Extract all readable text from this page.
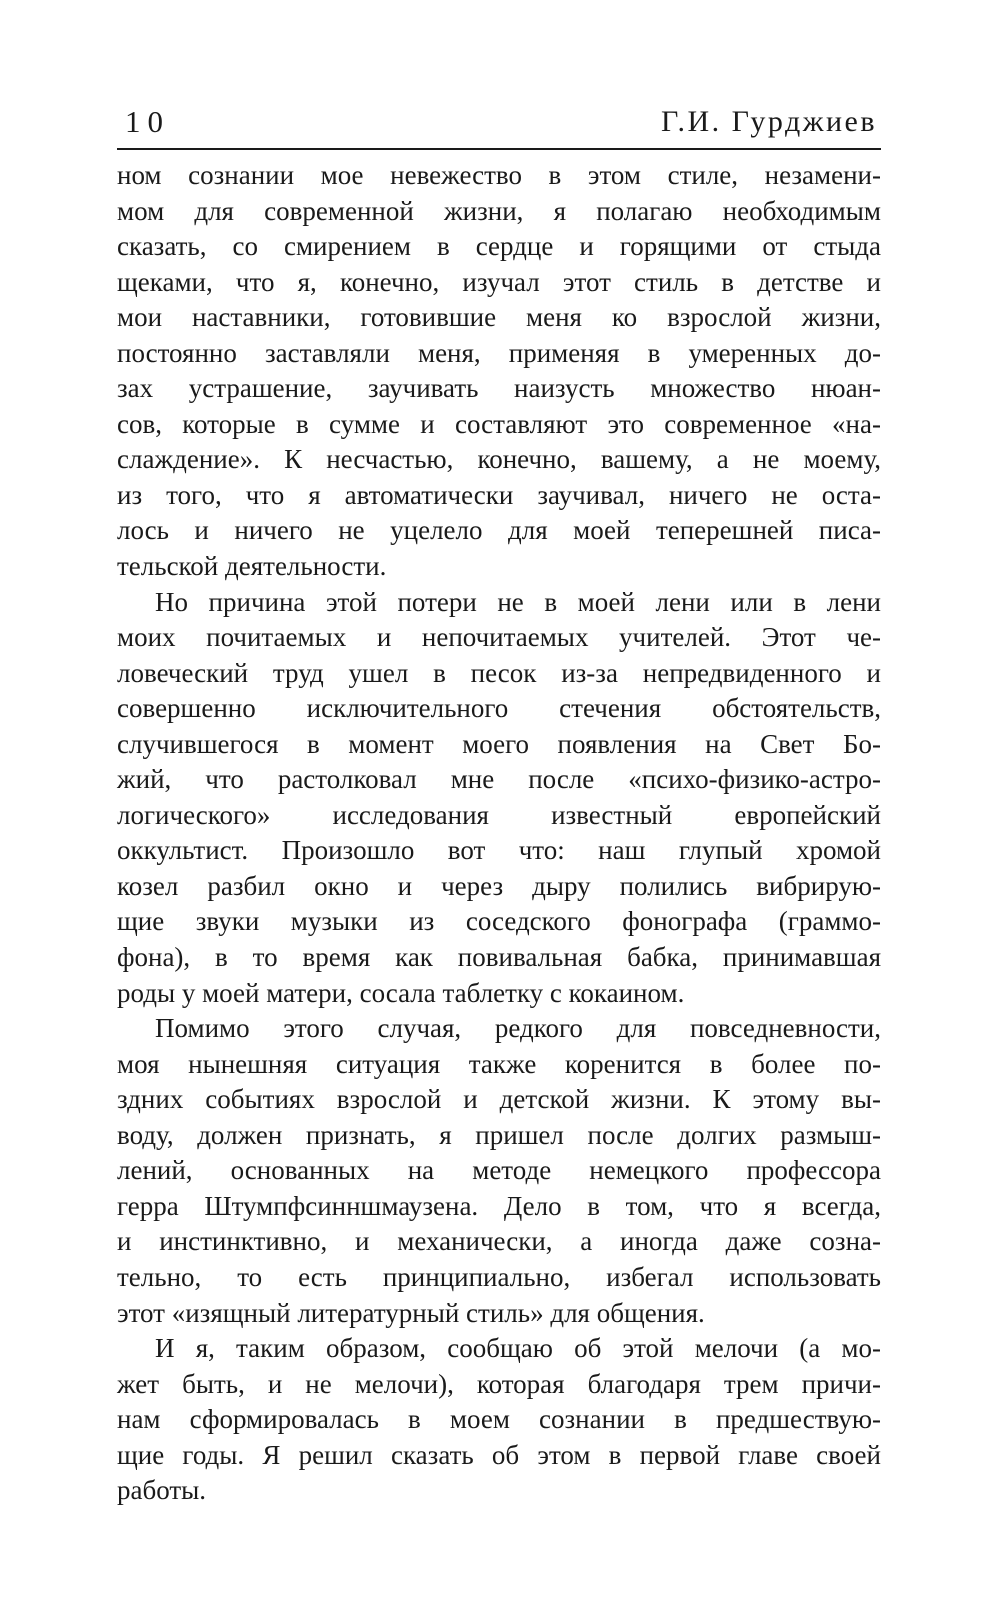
10	Г.И. Гурджиев
ном сознании мое невежество в этом стиле, незамени-
мом для современной жизни, я полагаю необходимым
сказать, со смирением в сердце и горящими от стыда
щеками, что я, конечно, изучал этот стиль в детстве и
мои наставники, готовившие меня ко взрослой жизни,
постоянно заставляли меня, применяя в умеренных до-
зах устрашение, заучивать наизусть множество нюан-
сов, которые в сумме и составляют это современное «на-
слаждение». К несчастью, конечно, вашему, а не моему,
из того, что я автоматически заучивал, ничего не оста-
лось и ничего не уцелело для моей теперешней писа-
тельской деятельности.
Но причина этой потери не в моей лени или в лени
моих почитаемых и непочитаемых учителей. Этот че-
ловеческий труд ушел в песок из-за непредвиденного и
совершенно исключительного стечения обстоятельств,
случившегося в момент моего появления на Свет Бо-
жий, что растолковал мне после «психо-физико-астро-
логического» исследования известный европейский
оккультист. Произошло вот что: наш глупый хромой
козел разбил окно и через дыру полились вибрирую-
щие звуки музыки из соседского фонографа (граммо-
фона), в то время как повивальная бабка, принимавшая
роды у моей матери, сосала таблетку с кокаином.
Помимо этого случая, редкого для повседневности,
моя нынешняя ситуация также коренится в более по-
здних событиях взрослой и детской жизни. К этому вы-
воду, должен признать, я пришел после долгих размыш-
лений, основанных на методе немецкого профессора
герра Штумпфсинншмаузена. Дело в том, что я всегда,
и инстинктивно, и механически, а иногда даже созна-
тельно, то есть принципиально, избегал использовать
этот «изящный литературный стиль» для общения.
И я, таким образом, сообщаю об этой мелочи (а мо-
жет быть, и не мелочи), которая благодаря трем причи-
нам сформировалась в моем сознании в предшествую-
щие годы. Я решил сказать об этом в первой главе своей
работы.
